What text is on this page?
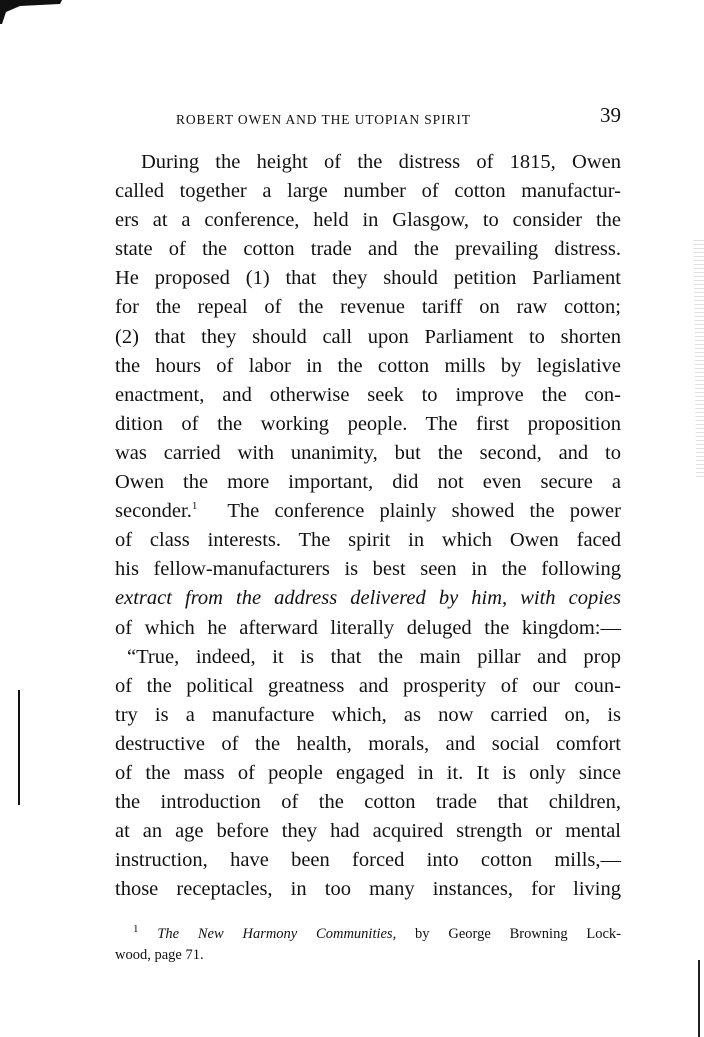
ROBERT OWEN AND THE UTOPIAN SPIRIT	39
During the height of the distress of 1815, Owen
called together a large number of cotton manufactur-
ers at a conference, held in Glasgow, to consider the
state of the cotton trade and the prevailing distress.
He proposed (1) that they should petition Parliament
for the repeal of the revenue tariff on raw cotton;
(2) that they should call upon Parliament to shorten
the hours of labor in the cotton mills by legislative
enactment, and otherwise seek to improve the con-
dition of the working people. The first proposition
was carried with unanimity, but the second, and to
Owen the more important, did not even secure a
seconder.$^1$ The conference plainly showed the power
of class interests. The spirit in which Owen faced
his fellow-manufacturers is best seen in the following
extract from the address delivered by him, with copies
of which he afterward literally deluged the kingdom:—
“True, indeed, it is that the main pillar and prop
of the political greatness and prosperity of our coun-
try is a manufacture which, as now carried on, is
destructive of the health, morals, and social comfort
of the mass of people engaged in it. It is only since
the introduction of the cotton trade that children,
at an age before they had acquired strength or mental
instruction, have been forced into cotton mills,—
those receptacles, in too many instances, for living
$^1$ The New Harmony Communities, by George Browning Lock-
wood, page 71.
